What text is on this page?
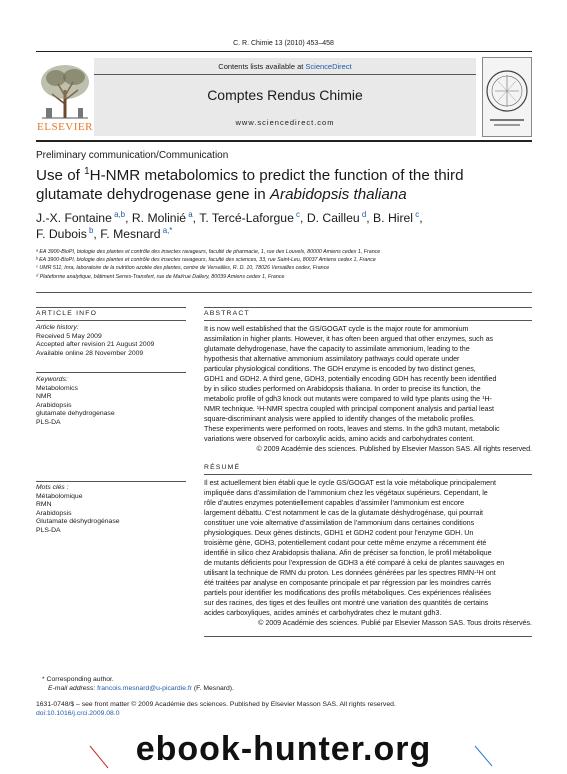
C. R. Chimie 13 (2010) 453–458
ELSEVIER
Contents lists available at ScienceDirect
Comptes Rendus Chimie
www.sciencedirect.com
Preliminary communication/Communication
Use of $^1$H-NMR metabolomics to predict the function of the third
glutamate dehydrogenase gene in Arabidopsis thaliana
J.-X. Fontaine $^{a,b}$, R. Molinié $^a$, T. Tercé-Laforgue $^c$, D. Cailleu $^d$, B. Hirel $^c$,
F. Dubois $^b$, F. Mesnard $^{a,*}$
ᵃ EA 3900-BioPI, biologie des plantes et contrôle des insectes ravageurs, faculté de pharmacie, 1, rue des Louvels, 80000 Amiens cedex 1, France
ᵇ EA 3900-BioPI, biologie des plantes et contrôle des insectes ravageurs, faculté des sciences, 33, rue Saint-Leu, 80037 Amiens cedex 1, France
ᶜ UMR 511, Inra, laboratoire de la nutrition azotée des plantes, centre de Versailles, R. D. 10, 78026 Versailles cedex, France
ᵈ Plateforme analytique, bâtiment Serres-Transfert, rue de Mai/rue Dallery, 80039 Amiens cedex 1, France
ARTICLE INFO
Article history:
Received 5 May 2009
Accepted after revision 21 August 2009
Available online 28 November 2009
Keywords:
Metabolomics
NMR
Arabidopsis
glutamate dehydrogenase
PLS-DA
Mots clés :
Métabolomique
RMN
Arabidopsis
Glutamate déshydrogénase
PLS-DA
ABSTRACT
It is now well established that the GS/GOGAT cycle is the major route for ammonium
assimilation in higher plants. However, it has often been argued that other enzymes, such as
glutamate dehydrogenase, have the capacity to assimilate ammonium, leading to the
hypothesis that alternative ammonium assimilatory pathways could operate under
particular physiological conditions. The GDH enzyme is encoded by two distinct genes,
GDH1 and GDH2. A third gene, GDH3, potentially encoding GDH has recently been identified
by in silico studies performed on Arabidopsis thaliana. In order to precise its function, the
metabolic profile of gdh3 knock out mutants were compared to wild type plants using the ¹H-
NMR technique. ¹H-NMR spectra coupled with principal component analysis and partial least
square-discriminant analysis were applied to identify changes of the metabolic profiles.
These experiments were performed on roots, leaves and stems. In the gdh3 mutant, metabolic
variations were observed for carboxylic acids, amino acids and carbohydrates content.
© 2009 Académie des sciences. Published by Elsevier Masson SAS. All rights reserved.
RÉSUMÉ
Il est actuellement bien établi que le cycle GS/GOGAT est la voie métabolique principalement
impliquée dans d’assimilation de l’ammonium chez les végétaux supérieurs. Cependant, le
rôle d’autres enzymes potentiellement capables d’assimiler l’ammonium est encore
largement débattu. C’est notamment le cas de la glutamate déshydrogénase, qui pourrait
constituer une voie alternative d’assimilation de l’ammonium dans certaines conditions
physiologiques. Deux gènes distincts, GDH1 et GDH2 codent pour l’enzyme GDH. Un
troisième gène, GDH3, potentiellement codant pour cette même enzyme a récemment été
identifié in silico chez Arabidopsis thaliana. Afin de préciser sa fonction, le profil métabolique
de mutants déficients pour l’expression de GDH3 a été comparé à celui de plantes sauvages en
utilisant la technique de RMN du proton. Les données générées par les spectres RMN-¹H ont
été traitées par analyse en composante principale et par régression par les moindres carrés
partiels pour identifier les modifications des profils métaboliques. Ces expériences réalisées
sur des racines, des tiges et des feuilles ont montré une variation des quantités de certains
acides carboxyliques, acides aminés et carbohydrates chez le mutant gdh3.
© 2009 Académie des sciences. Publié par Elsevier Masson SAS. Tous droits réservés.
* Corresponding author.
E-mail address: francois.mesnard@u-picardie.fr (F. Mesnard).
1631-0748/$ – see front matter © 2009 Académie des sciences. Published by Elsevier Masson SAS. All rights reserved.
doi:10.1016/j.crci.2009.08.0
ebook-hunter.org
